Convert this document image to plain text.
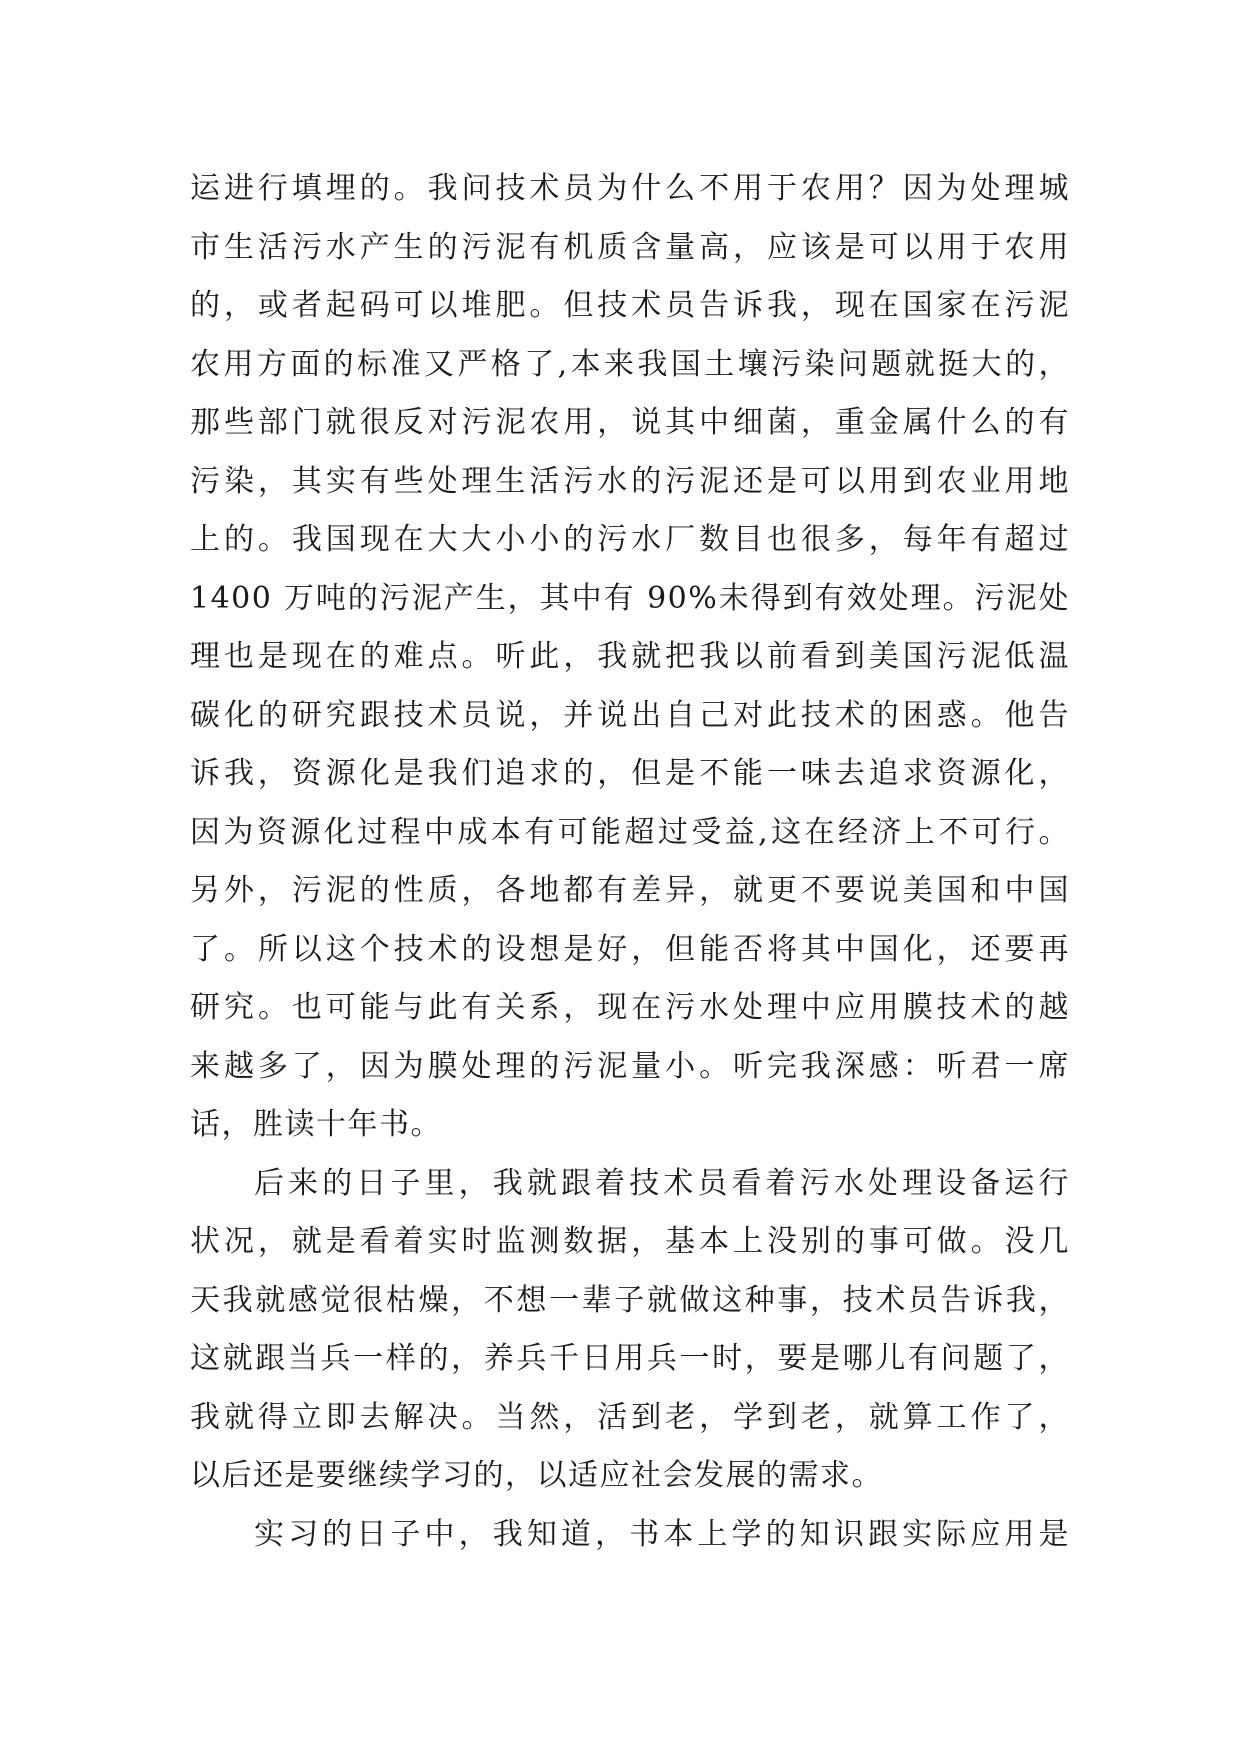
运进行填埋的。我问技术员为什么不用于农用？因为处理城
市生活污水产生的污泥有机质含量高，应该是可以用于农用
的，或者起码可以堆肥。但技术员告诉我，现在国家在污泥
农用方面的标准又严格了,本来我国土壤污染问题就挺大的，
那些部门就很反对污泥农用，说其中细菌，重金属什么的有
污染，其实有些处理生活污水的污泥还是可以用到农业用地
上的。我国现在大大小小的污水厂数目也很多，每年有超过
1400 万吨的污泥产生，其中有 90%未得到有效处理。污泥处
理也是现在的难点。听此，我就把我以前看到美国污泥低温
碳化的研究跟技术员说，并说出自己对此技术的困惑。他告
诉我，资源化是我们追求的，但是不能一味去追求资源化，
因为资源化过程中成本有可能超过受益,这在经济上不可行。
另外，污泥的性质，各地都有差异，就更不要说美国和中国
了。所以这个技术的设想是好，但能否将其中国化，还要再
研究。也可能与此有关系，现在污水处理中应用膜技术的越
来越多了，因为膜处理的污泥量小。听完我深感：听君一席
话，胜读十年书。
后来的日子里，我就跟着技术员看着污水处理设备运行
状况，就是看着实时监测数据，基本上没别的事可做。没几
天我就感觉很枯燥，不想一辈子就做这种事，技术员告诉我，
这就跟当兵一样的，养兵千日用兵一时，要是哪儿有问题了，
我就得立即去解决。当然，活到老，学到老，就算工作了，
以后还是要继续学习的，以适应社会发展的需求。
实习的日子中，我知道，书本上学的知识跟实际应用是
